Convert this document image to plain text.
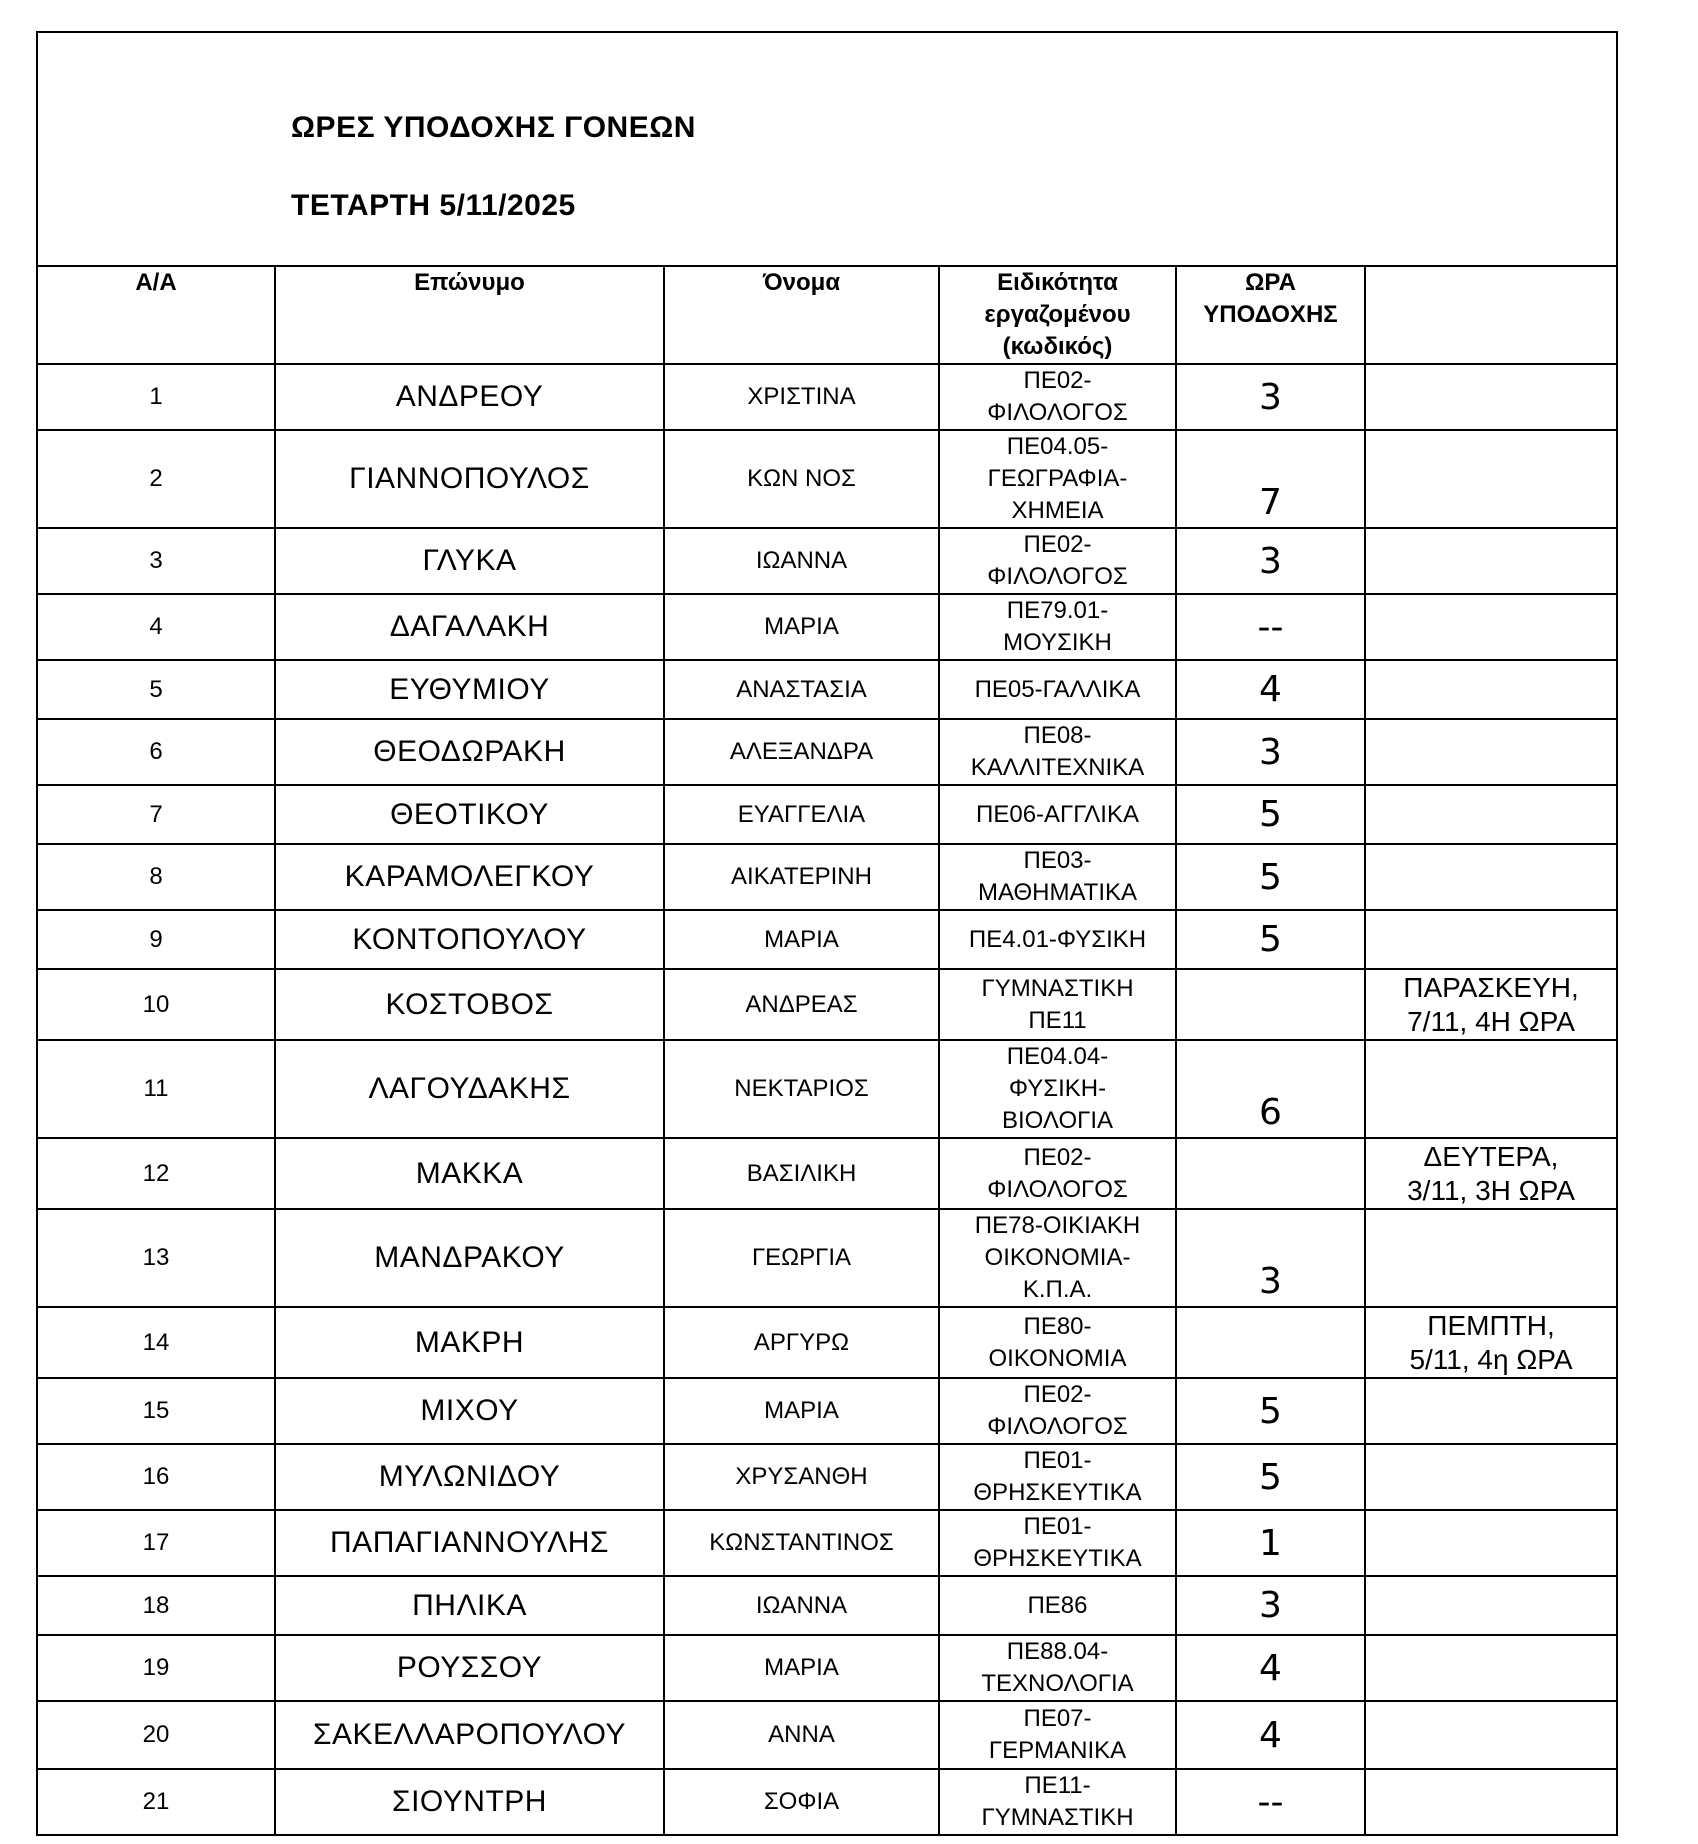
ΩΡΕΣ ΥΠΟΔΟΧΗΣ ΓΟΝΕΩΝ
ΤΕΤΑΡΤΗ 5/11/2025
Α/Α	Επώνυμο	Όνομα	Ειδικότητα
εργαζομένου
(κωδικός)	ΩΡΑ
ΥΠΟΔΟΧΗΣ	

1	ΑΝΔΡΕΟΥ	ΧΡΙΣΤΙΝΑ	ΠΕ02-
ΦΙΛΟΛΟΓΟΣ	3	
2	ΓΙΑΝΝΟΠΟΥΛΟΣ	ΚΩΝ ΝΟΣ	ΠΕ04.05-
ΓΕΩΓΡΑΦΙΑ-
ΧΗΜΕΙΑ	7	
3	ΓΛΥΚΑ	ΙΩΑΝΝΑ	ΠΕ02-
ΦΙΛΟΛΟΓΟΣ	3	
4	ΔΑΓΑΛΑΚΗ	ΜΑΡΙΑ	ΠΕ79.01-
ΜΟΥΣΙΚΗ	--	
5	ΕΥΘΥΜΙΟΥ	ΑΝΑΣΤΑΣΙΑ	ΠΕ05-ΓΑΛΛΙΚΑ	4	
6	ΘΕΟΔΩΡΑΚΗ	ΑΛΕΞΑΝΔΡΑ	ΠΕ08-
ΚΑΛΛΙΤΕΧΝΙΚΑ	3	
7	ΘΕΟΤΙΚΟΥ	ΕΥΑΓΓΕΛΙΑ	ΠΕ06-ΑΓΓΛΙΚΑ	5	
8	ΚΑΡΑΜΟΛΕΓΚΟΥ	ΑΙΚΑΤΕΡΙΝΗ	ΠΕ03-
ΜΑΘΗΜΑΤΙΚΑ	5	
9	ΚΟΝΤΟΠΟΥΛΟΥ	ΜΑΡΙΑ	ΠΕ4.01-ΦΥΣΙΚΗ	5	
10	ΚΟΣΤΟΒΟΣ	ΑΝΔΡΕΑΣ	ΓΥΜΝΑΣΤΙΚΗ
ΠΕ11		ΠΑΡΑΣΚΕΥΗ,
7/11, 4Η ΩΡΑ

11	ΛΑΓΟΥΔΑΚΗΣ	ΝΕΚΤΑΡΙΟΣ	ΠΕ04.04-
ΦΥΣΙΚΗ-
ΒΙΟΛΟΓΙΑ	6	
12	ΜΑΚΚΑ	ΒΑΣΙΛΙΚΗ	ΠΕ02-
ΦΙΛΟΛΟΓΟΣ		ΔΕΥΤΕΡΑ,
3/11, 3Η ΩΡΑ

13	ΜΑΝΔΡΑΚΟΥ	ΓΕΩΡΓΙΑ	ΠΕ78-ΟΙΚΙΑΚΗ
ΟΙΚΟΝΟΜΙΑ-
Κ.Π.Α.	3	
14	ΜΑΚΡΗ	ΑΡΓΥΡΩ	ΠΕ80-
ΟΙΚΟΝΟΜΙΑ		ΠΕΜΠΤΗ,
5/11, 4η ΩΡΑ

15	ΜΙΧΟΥ	ΜΑΡΙΑ	ΠΕ02-
ΦΙΛΟΛΟΓΟΣ	5	
16	ΜΥΛΩΝΙΔΟΥ	ΧΡΥΣΑΝΘΗ	ΠΕ01-
ΘΡΗΣΚΕΥΤΙΚΑ	5	
17	ΠΑΠΑΓΙΑΝΝΟΥΛΗΣ	ΚΩΝΣΤΑΝΤΙΝΟΣ	ΠΕ01-
ΘΡΗΣΚΕΥΤΙΚΑ	1	
18	ΠΗΛΙΚΑ	ΙΩΑΝΝΑ	ΠΕ86	3	
19	ΡΟΥΣΣΟΥ	ΜΑΡΙΑ	ΠΕ88.04-
ΤΕΧΝΟΛΟΓΙΑ	4	
20	ΣΑΚΕΛΛΑΡΟΠΟΥΛΟΥ	ΑΝΝΑ	ΠΕ07-
ΓΕΡΜΑΝΙΚΑ	4	
21	ΣΙΟΥΝΤΡΗ	ΣΟΦΙΑ	ΠΕ11-
ΓΥΜΝΑΣΤΙΚΗ	--	
